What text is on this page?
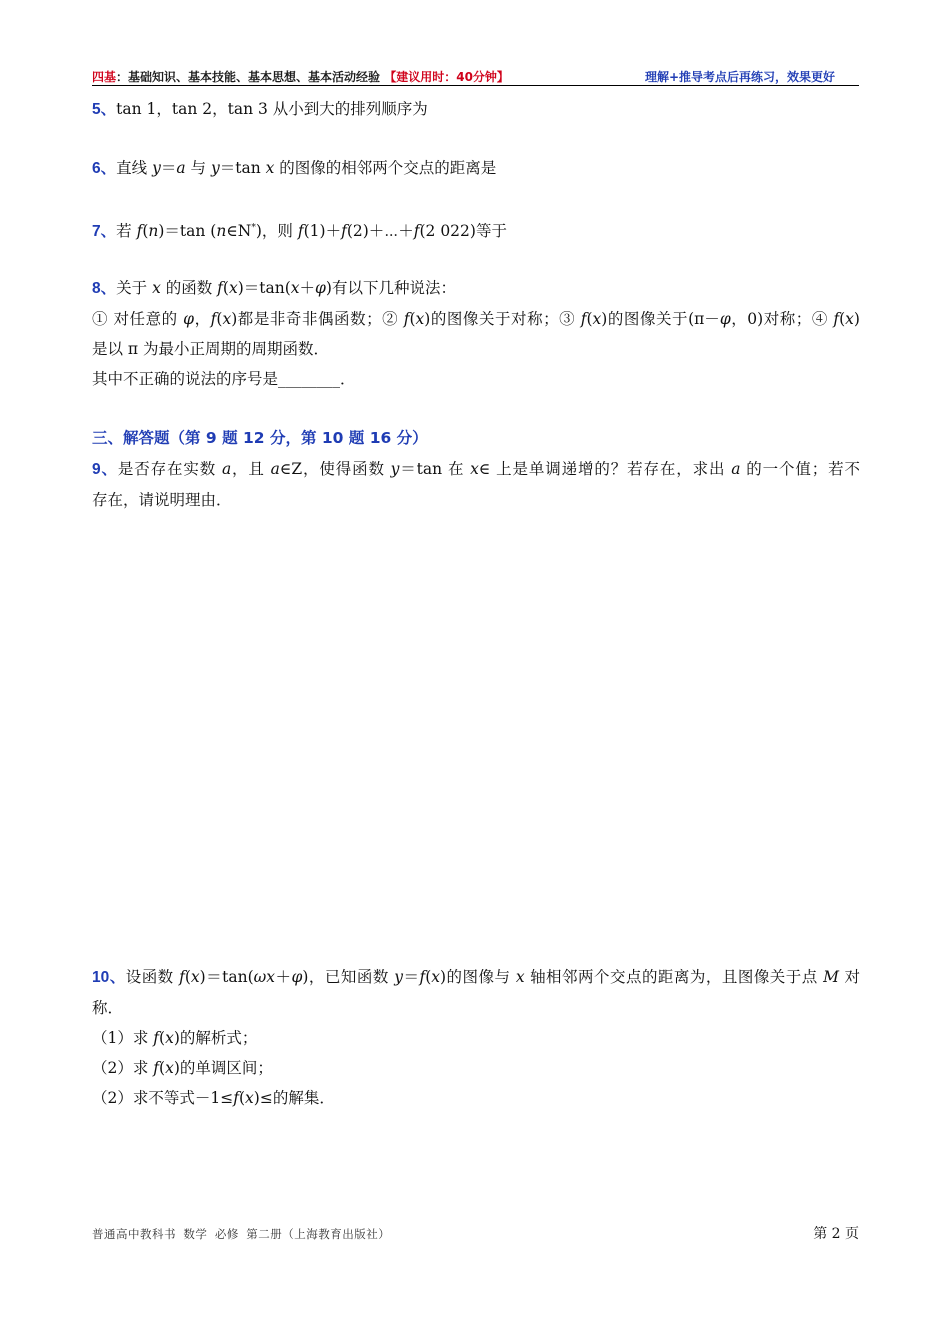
四基：基础知识、基本技能、基本思想、基本活动经验 【建议用时：40分钟】	理解+推导考点后再练习，效果更好
5、tan 1，tan 2，tan 3 从小到大的排列顺序为
6、直线 y＝a 与 y＝tan x 的图像的相邻两个交点的距离是
7、若 f(n)＝tan (n∈N*)，则 f(1)＋f(2)＋⋯＋f(2 022)等于
8、关于 x 的函数 f(x)＝tan(x＋φ)有以下几种说法：
① 对任意的 φ，f(x)都是非奇非偶函数；② f(x)的图像关于对称；③ f(x)的图像关于(π－φ，0)对称；④ f(x)
是以 π 为最小正周期的周期函数．
其中不正确的说法的序号是________．
三、解答题（第 9 题 12 分，第 10 题 16 分）
9、是否存在实数 a，且 a∈Z，使得函数 y＝tan 在 x∈ 上是单调递增的？若存在，求出 a 的一个值；若不
存在，请说明理由．
10、设函数 f(x)＝tan(ωx＋φ)，已知函数 y＝f(x)的图像与 x 轴相邻两个交点的距离为，且图像关于点 M 对
称．
（1）求 f(x)的解析式；
（2）求 f(x)的单调区间；
（2）求不等式－1≤f(x)≤的解集．
普通高中教科书 数学 必修 第二册（上海教育出版社）	第 2 页
